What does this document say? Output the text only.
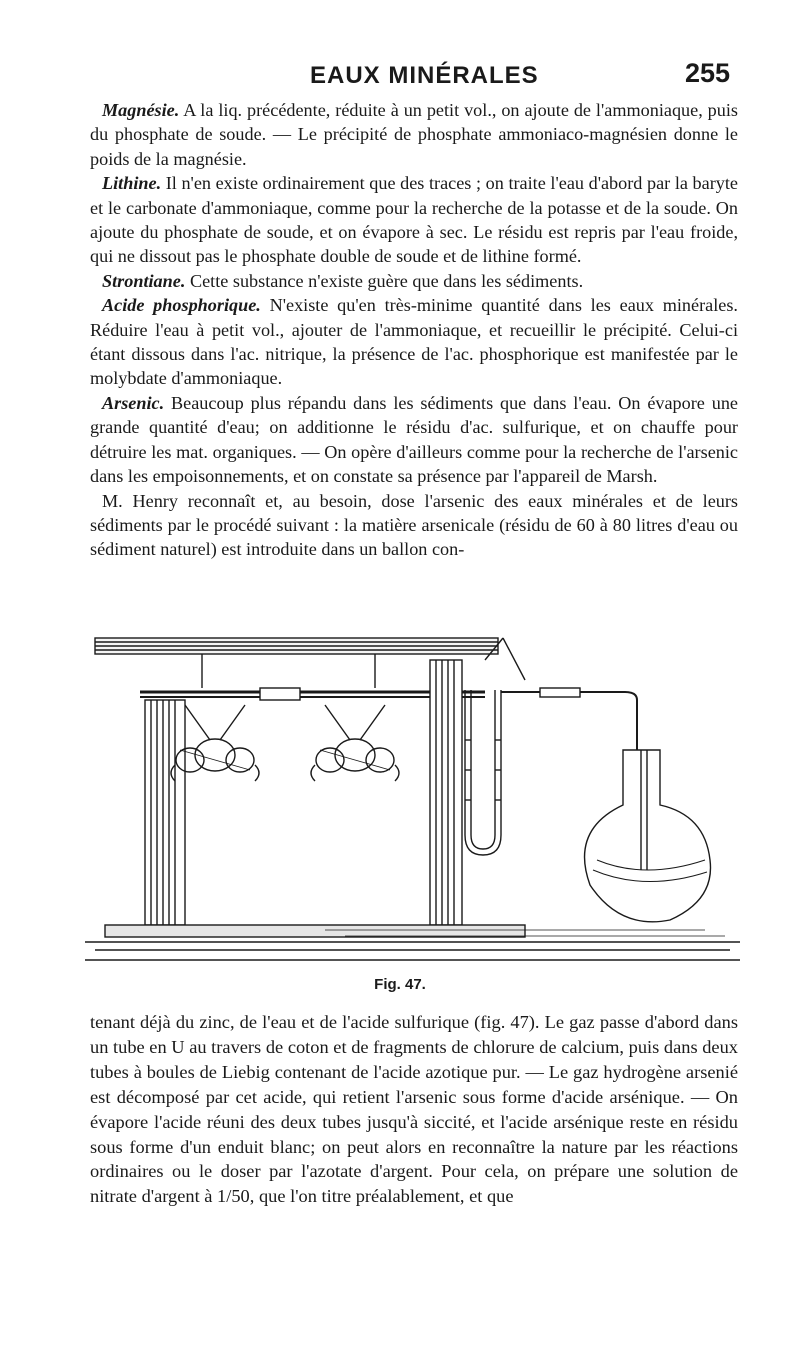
EAUX MINÉRALES	255

Magnésie. A la liq. précédente, réduite à un petit vol., on ajoute de l'ammoniaque, puis du phosphate de soude. — Le précipité de phosphate ammoniaco-magnésien donne le poids de la magnésie.

Lithine. Il n'en existe ordinairement que des traces ; on traite l'eau d'abord par la baryte et le carbonate d'ammoniaque, comme pour la recherche de la potasse et de la soude. On ajoute du phosphate de soude, et on évapore à sec. Le résidu est repris par l'eau froide, qui ne dissout pas le phosphate double de soude et de lithine formé.

Strontiane. Cette substance n'existe guère que dans les sédiments.

Acide phosphorique. N'existe qu'en très-minime quantité dans les eaux minérales. Réduire l'eau à petit vol., ajouter de l'ammoniaque, et recueillir le précipité. Celui-ci étant dissous dans l'ac. nitrique, la présence de l'ac. phosphorique est manifestée par le molybdate d'ammoniaque.

Arsenic. Beaucoup plus répandu dans les sédiments que dans l'eau. On évapore une grande quantité d'eau; on additionne le résidu d'ac. sulfurique, et on chauffe pour détruire les mat. organiques. — On opère d'ailleurs comme pour la recherche de l'arsenic dans les empoisonnements, et on constate sa présence par l'appareil de Marsh.

M. Henry reconnaît et, au besoin, dose l'arsenic des eaux minérales et de leurs sédiments par le procédé suivant : la matière arsenicale (résidu de 60 à 80 litres d'eau ou sédiment naturel) est introduite dans un ballon con-

Fig. 47.

tenant déjà du zinc, de l'eau et de l'acide sulfurique (fig. 47). Le gaz passe d'abord dans un tube en U au travers de coton et de fragments de chlorure de calcium, puis dans deux tubes à boules de Liebig contenant de l'acide azotique pur. — Le gaz hydrogène arsenié est décomposé par cet acide, qui retient l'arsenic sous forme d'acide arsénique. — On évapore l'acide réuni des deux tubes jusqu'à siccité, et l'acide arsénique reste en résidu sous forme d'un enduit blanc; on peut alors en reconnaître la nature par les réactions ordinaires ou le doser par l'azotate d'argent. Pour cela, on prépare une solution de nitrate d'argent à 1/50, que l'on titre préalablement, et que
